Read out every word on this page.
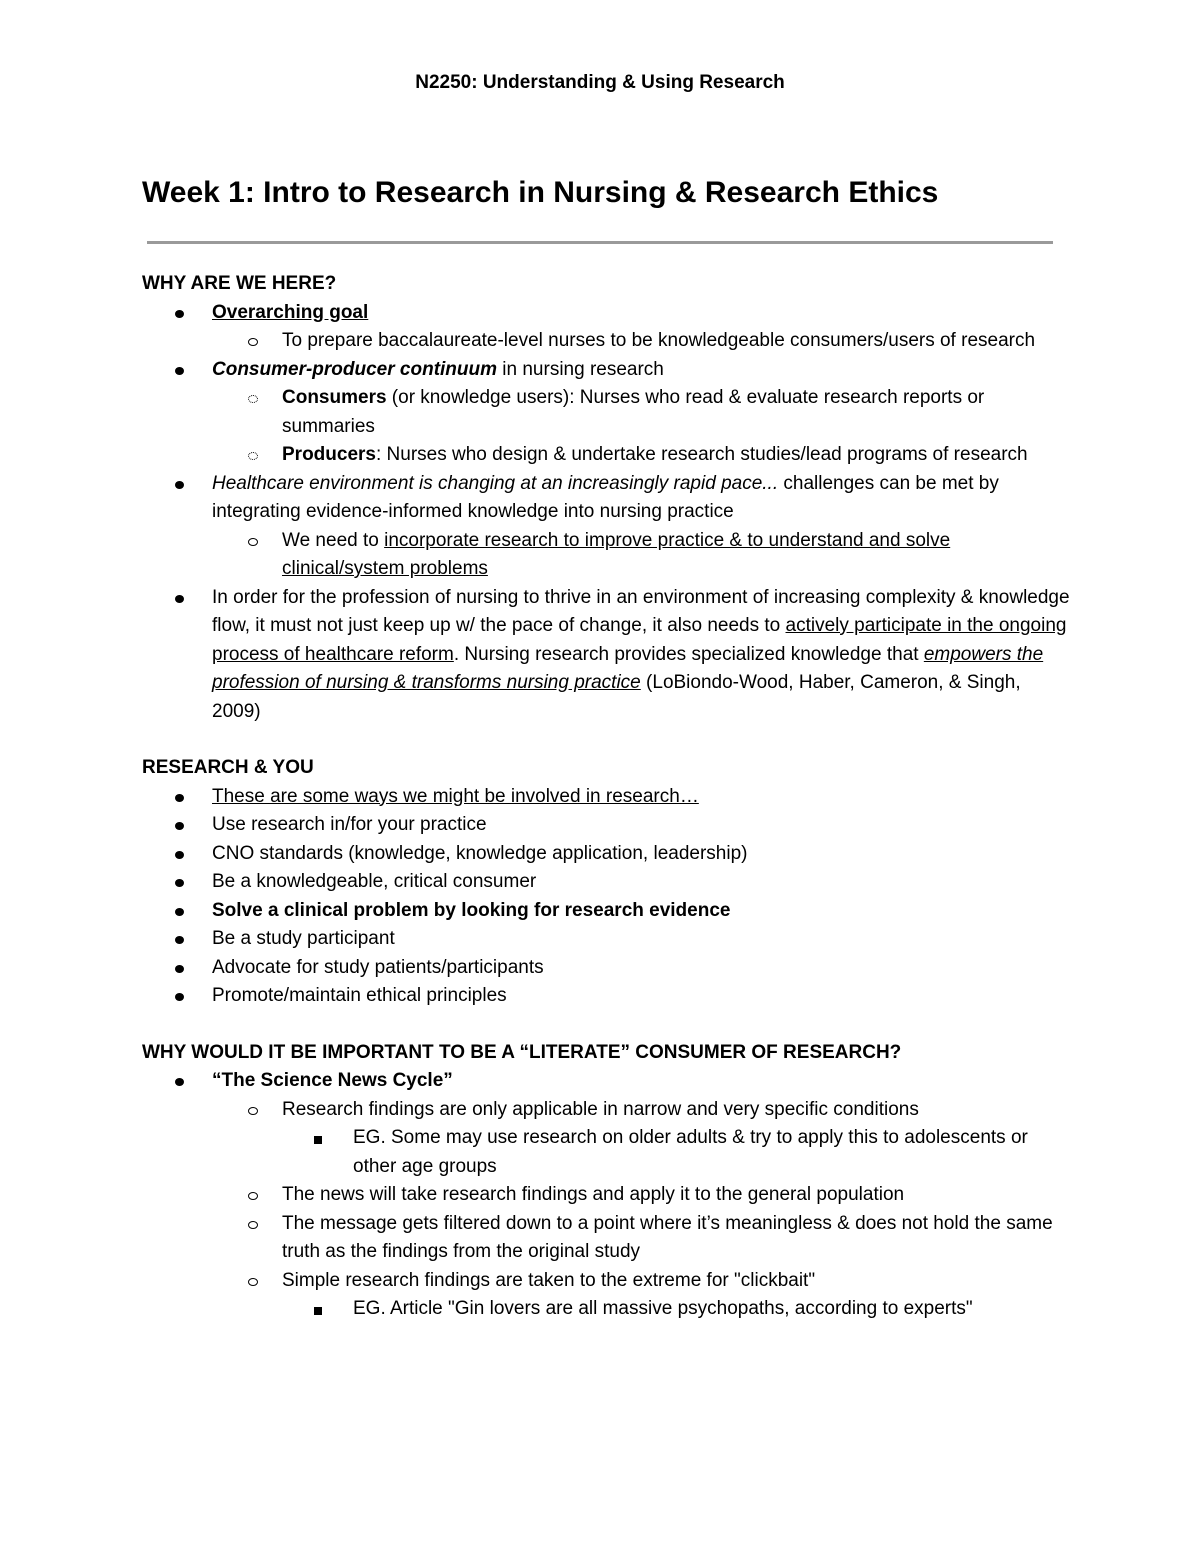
N2250: Understanding & Using Research
Week 1: Intro to Research in Nursing & Research Ethics

WHY ARE WE HERE?

Overarching goal
To prepare baccalaureate-level nurses to be knowledgeable consumers/users of research
Consumer-producer continuum in nursing research
Consumers (or knowledge users): Nurses who read & evaluate research reports or summaries
Producers: Nurses who design & undertake research studies/lead programs of research
Healthcare environment is changing at an increasingly rapid pace... challenges can be met by integrating evidence-informed knowledge into nursing practice
We need to incorporate research to improve practice & to understand and solve clinical/system problems
In order for the profession of nursing to thrive in an environment of increasing complexity & knowledge flow, it must not just keep up w/ the pace of change, it also needs to actively participate in the ongoing process of healthcare reform. Nursing research provides specialized knowledge that empowers the profession of nursing & transforms nursing practice (LoBiondo-Wood, Haber, Cameron, & Singh, 2009)

RESEARCH & YOU

These are some ways we might be involved in research…
Use research in/for your practice
CNO standards (knowledge, knowledge application, leadership)
Be a knowledgeable, critical consumer
Solve a clinical problem by looking for research evidence
Be a study participant
Advocate for study patients/participants
Promote/maintain ethical principles

WHY WOULD IT BE IMPORTANT TO BE A “LITERATE” CONSUMER OF RESEARCH?

“The Science News Cycle”
Research findings are only applicable in narrow and very specific conditions
EG. Some may use research on older adults & try to apply this to adolescents or other age groups
The news will take research findings and apply it to the general population
The message gets filtered down to a point where it’s meaningless & does not hold the same truth as the findings from the original study
Simple research findings are taken to the extreme for "clickbait"
EG. Article "Gin lovers are all massive psychopaths, according to experts"
